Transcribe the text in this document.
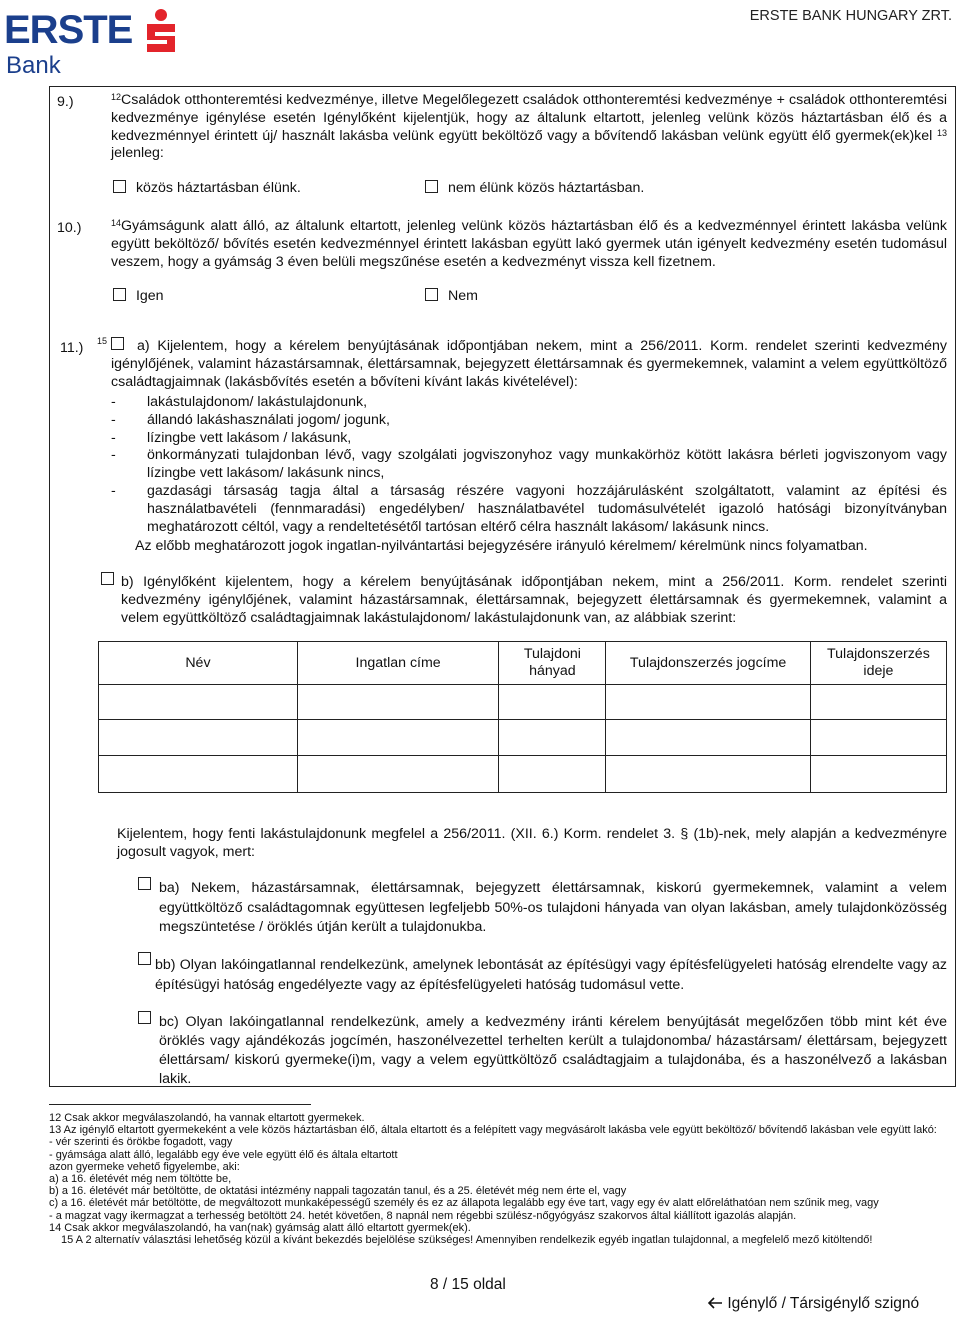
ERSTE
Bank
ERSTE BANK HUNGARY ZRT.
9.)	$^{12}$Családok otthonteremtési kedvezménye, illetve Megelőlegezett családok otthonteremtési kedvezménye + családok otthonteremtési kedvezménye igénylése esetén Igénylőként kijelentjük, hogy az általunk eltartott, jelenleg velünk közös háztartásban élő és a kedvezménnyel érintett új/ használt lakásba velünk együtt beköltöző vagy a bővítendő lakásban velünk együtt élő gyermek(ek)kel $^{13}$ jelenleg:
közös háztartásban élünk.	nem élünk közös háztartásban.
10.)	$^{14}$Gyámságunk alatt álló, az általunk eltartott, jelenleg velünk közös háztartásban élő és a kedvezménnyel érintett lakásba velünk együtt beköltöző/ bővítés esetén kedvezménnyel érintett lakásban együtt lakó gyermek után igényelt kedvezmény esetén tudomásul veszem, hogy a gyámság 3 éven belüli megszűnése esetén a kedvezményt vissza kell fizetnem.
Igen	Nem
11.) 15	a) Kijelentem, hogy a kérelem benyújtásának időpontjában nekem, mint a 256/2011. Korm. rendelet szerinti kedvezmény igénylőjének, valamint házastársamnak, élettársamnak, bejegyzett élettársamnak és gyermekemnek, valamint a velem együttköltöző családtagjaimnak (lakásbővítés esetén a bővíteni kívánt lakás kivételével):
-	lakástulajdonom/ lakástulajdonunk,
-	állandó lakáshasználati jogom/ jogunk,
-	lízingbe vett lakásom / lakásunk,
-	önkormányzati tulajdonban lévő, vagy szolgálati jogviszonyhoz vagy munkakörhöz kötött lakásra bérleti jogviszonyom vagy lízingbe vett lakásom/ lakásunk nincs,
-	gazdasági társaság tagja által a társaság részére vagyoni hozzájárulásként szolgáltatott, valamint az építési és használatbavételi (fennmaradási) engedélyben/ használatbavétel tudomásulvételét igazoló hatósági bizonyítványban meghatározott céltól, vagy a rendeltetésétől tartósan eltérő célra használt lakásom/ lakásunk nincs.
Az előbb meghatározott jogok ingatlan-nyilvántartási bejegyzésére irányuló kérelmem/ kérelmünk nincs folyamatban.
b) Igénylőként kijelentem, hogy a kérelem benyújtásának időpontjában nekem, mint a 256/2011. Korm. rendelet szerinti kedvezmény igénylőjének, valamint házastársamnak, élettársamnak, bejegyzett élettársamnak és gyermekemnek, valamint a velem együttköltöző családtagjaimnak lakástulajdonom/ lakástulajdonunk van, az alábbiak szerint:
Név	Ingatlan címe	Tulajdoni hányad	Tulajdonszerzés jogcíme	Tulajdonszerzés ideje

Kijelentem, hogy fenti lakástulajdonunk megfelel a 256/2011. (XII. 6.) Korm. rendelet 3. § (1b)-nek, mely alapján a kedvezményre jogosult vagyok, mert:
ba) Nekem, házastársamnak, élettársamnak, bejegyzett élettársamnak, kiskorú gyermekemnek, valamint a velem együttköltöző családtagomnak együttesen legfeljebb 50%-os tulajdoni hányada van olyan lakásban, amely tulajdonközösség megszüntetése / öröklés útján került a tulajdonukba.
bb) Olyan lakóingatlannal rendelkezünk, amelynek lebontását az építésügyi vagy építésfelügyeleti hatóság elrendelte vagy az építésügyi hatóság engedélyezte vagy az építésfelügyeleti hatóság tudomásul vette.
bc) Olyan lakóingatlannal rendelkezünk, amely a kedvezmény iránti kérelem benyújtását megelőzően több mint két éve öröklés vagy ajándékozás jogcímén, haszonélvezettel terhelten került a tulajdonomba/ házastársam/ élettársam, bejegyzett élettársam/ kiskorú gyermeke(i)m, vagy a velem együttköltöző családtagjaim a tulajdonába, és a haszonélvező a lakásban lakik.
12 Csak akkor megválaszolandó, ha vannak eltartott gyermekek.
13 Az igénylő eltartott gyermekeként a vele közös háztartásban élő, általa eltartott és a felépített vagy megvásárolt lakásba vele együtt beköltöző/ bővítendő lakásban vele együtt lakó:
- vér szerinti és örökbe fogadott, vagy
- gyámsága alatt álló, legalább egy éve vele együtt élő és általa eltartott
azon gyermeke vehető figyelembe, aki:
a) a 16. életévét még nem töltötte be,
b) a 16. életévét már betöltötte, de oktatási intézmény nappali tagozatán tanul, és a 25. életévét még nem érte el, vagy
c) a 16. életévét már betöltötte, de megváltozott munkaképességű személy és ez az állapota legalább egy éve tart, vagy egy év alatt előreláthatóan nem szűnik meg, vagy
- a magzat vagy ikermagzat a terhesség betöltött 24. hetét követően, 8 napnál nem régebbi szülész-nőgyógyász szakorvos által kiállított igazolás alapján.
14 Csak akkor megválaszolandó, ha van(nak) gyámság alatt álló eltartott gyermek(ek).
15 A 2 alternatív választási lehetőség közül a kívánt bekezdés bejelölése szükséges! Amennyiben rendelkezik egyéb ingatlan tulajdonnal, a megfelelő mező kitöltendő!
8 / 15 oldal
Igénylő / Társigénylő szignó
